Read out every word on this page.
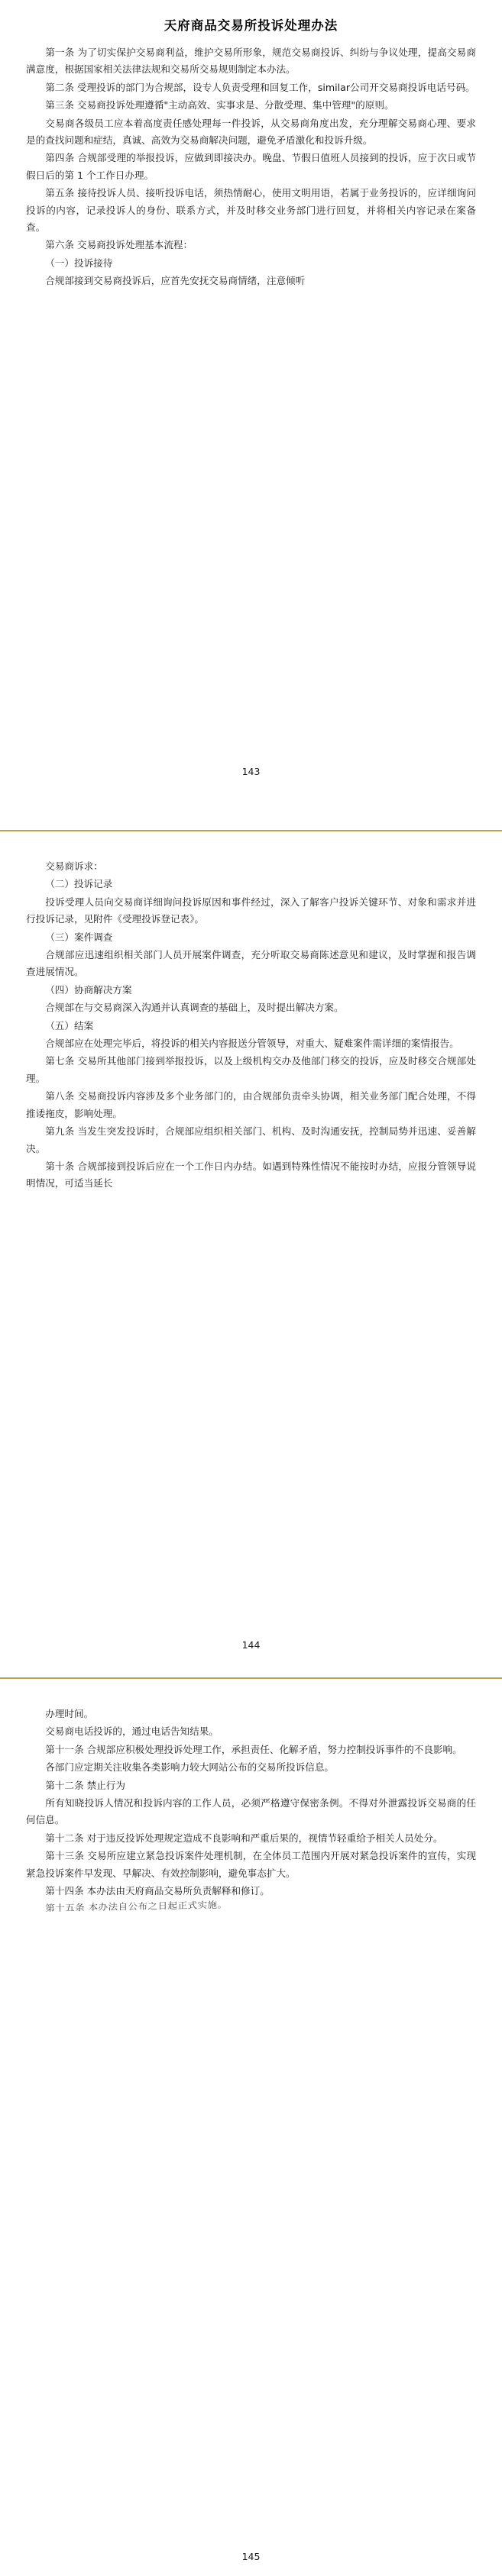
天府商品交易所投诉处理办法

第一条 为了切实保护交易商利益，维护交易所形象，规范交易商投诉、纠纷与争议处理，提高交易商满意度，根据国家相关法律法规和交易所交易规则制定本办法。

第二条 受理投诉的部门为合规部，设专人负责受理和回复工作，similar公司开交易商投诉电话号码。

第三条 交易商投诉处理遵循"主动高效、实事求是、分散受理、集中管理"的原则。

交易商各级员工应本着高度责任感处理每一件投诉，从交易商角度出发，充分理解交易商心理、要求是的查找问题和症结，真诚、高效为交易商解决问题，避免矛盾激化和投诉升级。

第四条 合规部受理的举报投诉，应做到即接决办。晚盘、节假日值班人员接到的投诉，应于次日或节假日后的第 1 个工作日办理。

第五条 接待投诉人员、接听投诉电话，须热情耐心，使用文明用语，若属于业务投诉的，应详细询问投诉的内容，记录投诉人的身份、联系方式，并及时移交业务部门进行回复，并将相关内容记录在案备查。

第六条 交易商投诉处理基本流程：

（一）投诉接待

合规部接到交易商投诉后，应首先安抚交易商情绪，注意倾听

143

交易商诉求：

（二）投诉记录

投诉受理人员向交易商详细询问投诉原因和事件经过，深入了解客户投诉关键环节、对象和需求并进行投诉记录，见附件《受理投诉登记表》。

（三）案件调查

合规部应迅速组织相关部门人员开展案件调查，充分听取交易商陈述意见和建议，及时掌握和报告调查进展情况。

（四）协商解决方案

合规部在与交易商深入沟通并认真调查的基础上，及时提出解决方案。

（五）结案

合规部应在处理完毕后，将投诉的相关内容报送分管领导，对重大、疑难案件需详细的案情报告。

第七条 交易所其他部门接到举报投诉，以及上级机构交办及他部门移交的投诉，应及时移交合规部处理。

第八条 交易商投诉内容涉及多个业务部门的，由合规部负责牵头协调，相关业务部门配合处理，不得推诿拖皮，影响处理。

第九条 当发生突发投诉时，合规部应组织相关部门、机构、及时沟通安抚，控制局势并迅速、妥善解决。

第十条 合规部接到投诉后应在一个工作日内办结。如遇到特殊性情况不能按时办结，应报分管领导说明情况，可适当延长

144

办理时间。

交易商电话投诉的，通过电话告知结果。

第十一条 合规部应积极处理投诉处理工作，承担责任、化解矛盾，努力控制投诉事件的不良影响。

各部门应定期关注收集各类影响力较大网站公布的交易所投诉信息。

第十二条 禁止行为

所有知晓投诉人情况和投诉内容的工作人员，必须严格遵守保密条例。不得对外泄露投诉交易商的任何信息。

第十二条 对于违反投诉处理规定造成不良影响和严重后果的，视情节轻重给予相关人员处分。

第十三条 交易所应建立紧急投诉案件处理机制，在全体员工范围内开展对紧急投诉案件的宣传，实现紧急投诉案件早发现、早解决、有效控制影响，避免事态扩大。

第十四条 本办法由天府商品交易所负责解释和修订。

第十五条 本办法自公布之日起正式实施。

145
